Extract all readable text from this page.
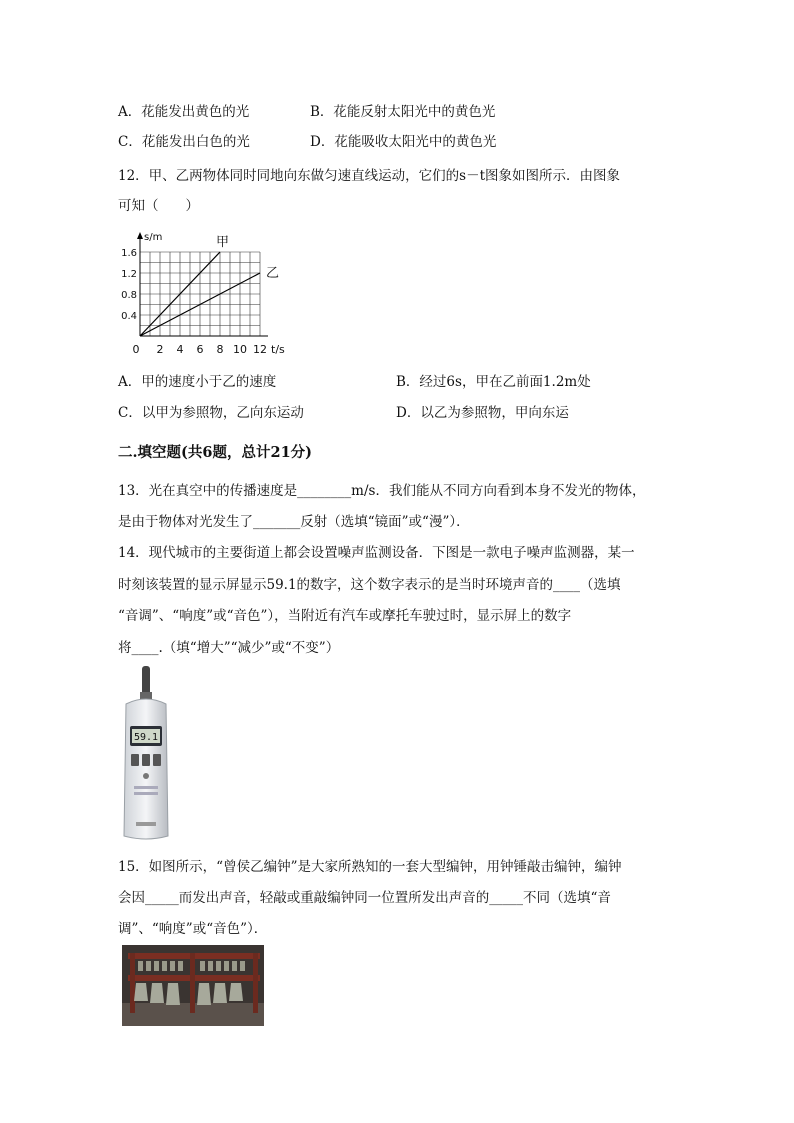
A．花能发出黄色的光	B．花能反射太阳光中的黄色光
C．花能发出白色的光	D．花能吸收太阳光中的黄色光
12．甲、乙两物体同时同地向东做匀速直线运动，它们的s－t图象如图所示．由图象
可知（　　）
0.4
0.8
1.2
1.6
0 2 4 6 8 10 12
s/m
t/s
甲
乙
A．甲的速度小于乙的速度	B．经过6s，甲在乙前面1.2m处
C．以甲为参照物，乙向东运动	D．以乙为参照物，甲向东运
二.填空题(共6题，总计21分)
13．光在真空中的传播速度是________m/s．我们能从不同方向看到本身不发光的物体，
是由于物体对光发生了_______反射（选填“镜面”或“漫”）．
14．现代城市的主要街道上都会设置噪声监测设备．下图是一款电子噪声监测器，某一
时刻该装置的显示屏显示59.1的数字，这个数字表示的是当时环境声音的____（选填
“音调”、“响度”或“音色”），当附近有汽车或摩托车驶过时，显示屏上的数字
将____.（填“增大”“减少”或“不变”）
59.1
15．如图所示，“曾侯乙编钟”是大家所熟知的一套大型编钟，用钟锤敲击编钟，编钟
会因_____而发出声音，轻敲或重敲编钟同一位置所发出声音的_____不同（选填“音
调”、“响度”或“音色”）．
